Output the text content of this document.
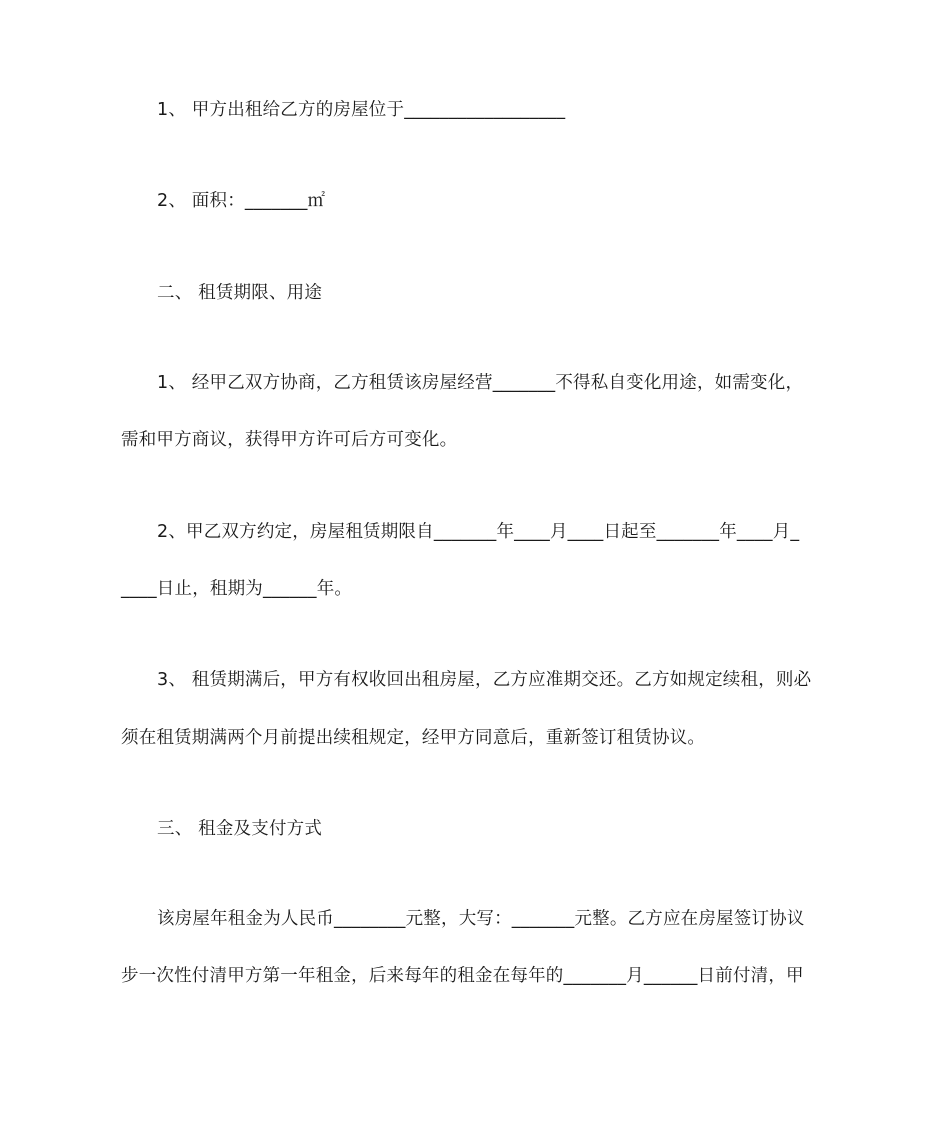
1、 甲方出租给乙方的房屋位于__________________
2、 面积：_______㎡
二、 租赁期限、用途
1、 经甲乙双方协商，乙方租赁该房屋经营_______不得私自变化用途，如需变化，
需和甲方商议，获得甲方许可后方可变化。
2、甲乙双方约定，房屋租赁期限自_______年____月____日起至_______年____月_
____日止，租期为______年。
3、 租赁期满后，甲方有权收回出租房屋，乙方应准期交还。乙方如规定续租，则必
须在租赁期满两个月前提出续租规定，经甲方同意后，重新签订租赁协议。
三、 租金及支付方式
该房屋年租金为人民币________元整，大写：_______元整。乙方应在房屋签订协议
步一次性付清甲方第一年租金，后来每年的租金在每年的_______月______日前付清，甲
